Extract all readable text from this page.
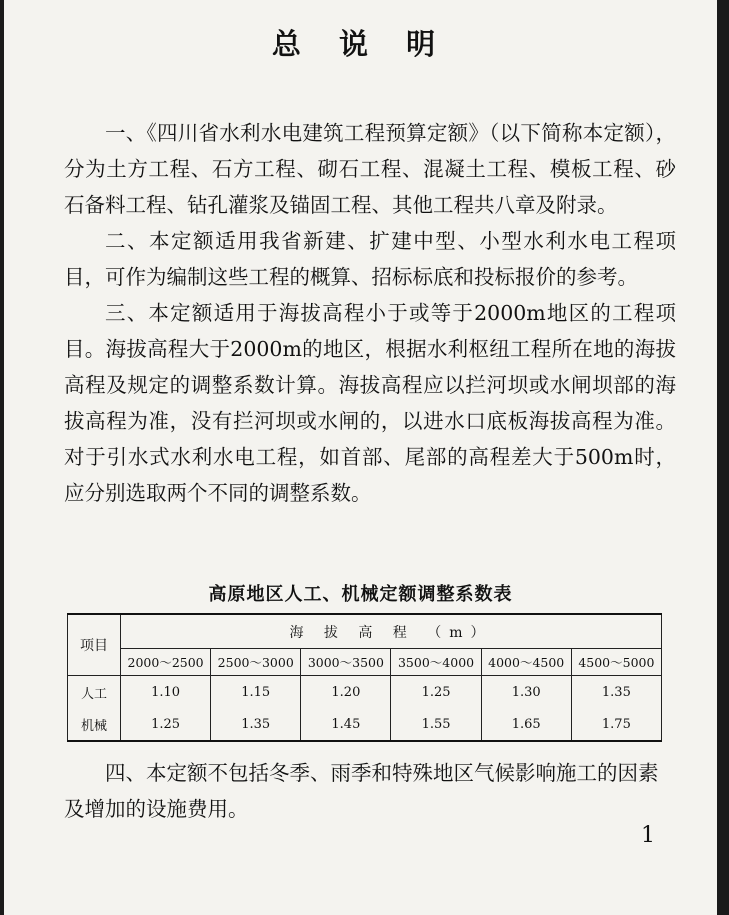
总 说 明

一、《四川省水利水电建筑工程预算定额》（以下简称本定额），分为土方工程、石方工程、砌石工程、混凝土工程、模板工程、砂石备料工程、钻孔灌浆及锚固工程、其他工程共八章及附录。

二、本定额适用我省新建、扩建中型、小型水利水电工程项目，可作为编制这些工程的概算、招标标底和投标报价的参考。

三、本定额适用于海拔高程小于或等于2000m地区的工程项目。海拔高程大于2000m的地区，根据水利枢纽工程所在地的海拔高程及规定的调整系数计算。海拔高程应以拦河坝或水闸坝部的海拔高程为准，没有拦河坝或水闸的，以进水口底板海拔高程为准。对于引水式水利水电工程，如首部、尾部的高程差大于500m时，应分别选取两个不同的调整系数。

高原地区人工、机械定额调整系数表
项目	海 拔 高 程 （m）					
	2000～2500	2500～3000	3000～3500	3500～4000	4000～4500	4500～5000
人工	1.10	1.15	1.20	1.25	1.30	1.35
机械	1.25	1.35	1.45	1.55	1.65	1.75

四、本定额不包括冬季、雨季和特殊地区气候影响施工的因素及增加的设施费用。

1
